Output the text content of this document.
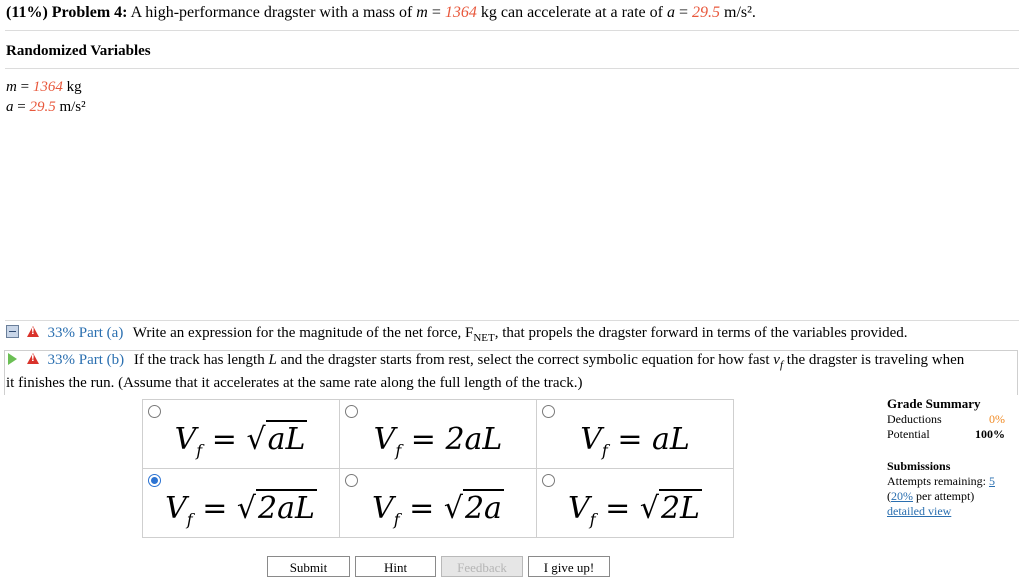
(11%) Problem 4: A high-performance dragster with a mass of m = 1364 kg can accelerate at a rate of a = 29.5 m/s².
Randomized Variables
m = 1364 kg
a = 29.5 m/s²
! 33% Part (a) Write an expression for the magnitude of the net force, $F_{NET}$, that propels the dragster forward in terms of the variables provided.
! 33% Part (b) If the track has length L and the dragster starts from rest, select the correct symbolic equation for how fast $v_f$ the dragster is traveling when
it finishes the run. (Assume that it accelerates at the same rate along the full length of the track.)
$V_f = √aL$	$V_f = 2aL$	$V_f$ = aL

$V_f = √2aL$	$V_f = √2a$	$V_f = √2L$
Grade Summary
Deductions	0%
Potential	100%
Submissions
Attempts remaining: 5
(20% per attempt)
detailed view
Submit	Hint	Feedback	I give up!
